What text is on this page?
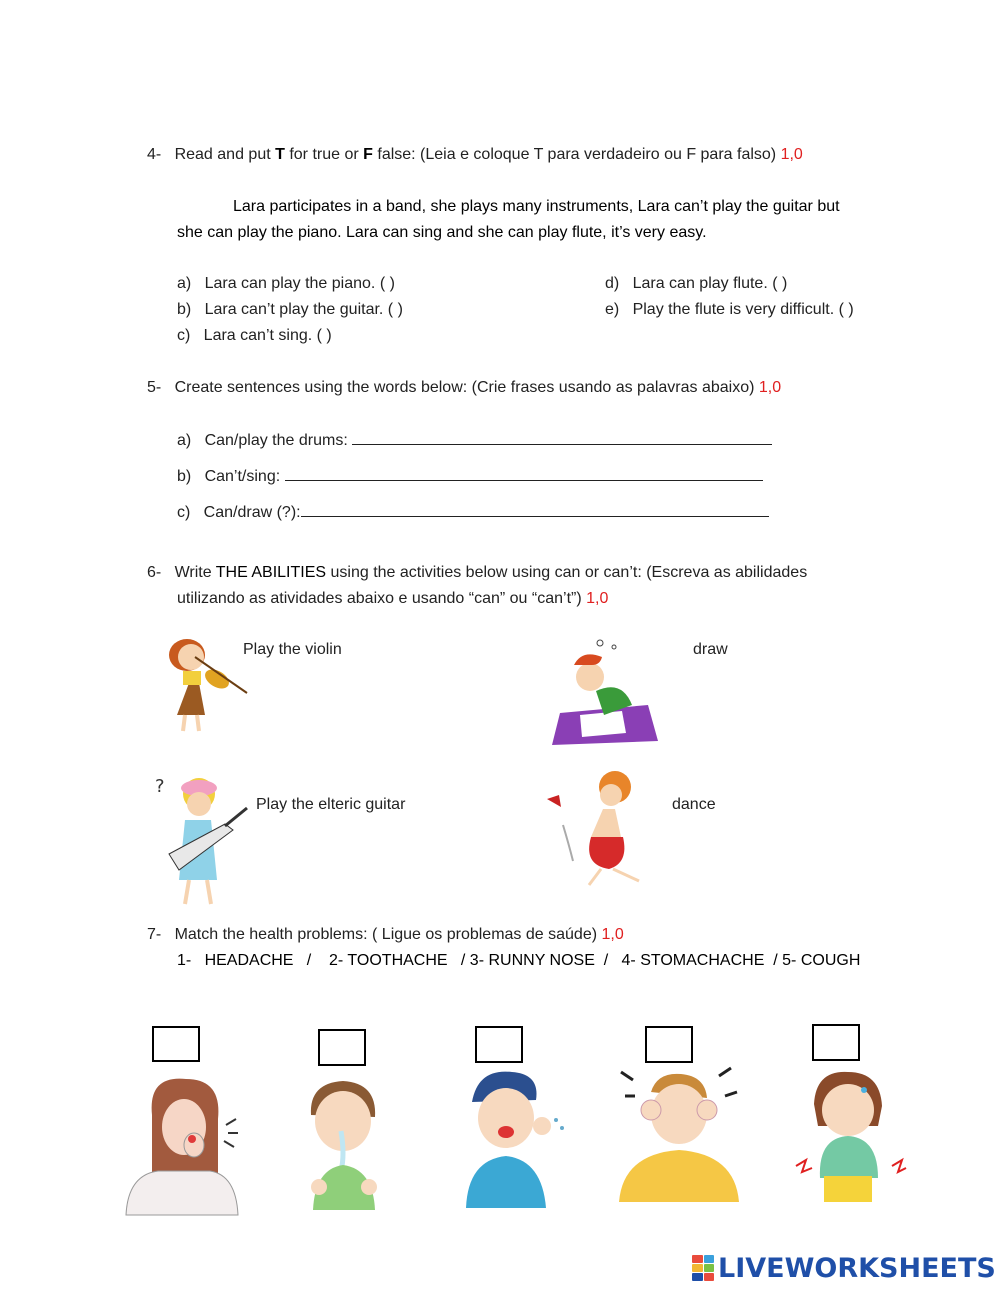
4- Read and put T for true or F false: (Leia e coloque T para verdadeiro ou F para falso) 1,0
Lara participates in a band, she plays many instruments, Lara can’t play the guitar but
she can play the piano. Lara can sing and she can play flute, it’s very easy.
a) Lara can play the piano. ( )
b) Lara can’t play the guitar. ( )
c) Lara can’t sing. ( )
d) Lara can play flute. ( )
e) Play the flute is very difficult. ( )
5- Create sentences using the words below: (Crie frases usando as palavras abaixo) 1,0
a) Can/play the drums:
b) Can’t/sing:
c) Can/draw (?):
6- Write THE ABILITIES using the activities below using can or can’t: (Escreva as abilidades
utilizando as atividades abaixo e usando “can” ou “can’t”) 1,0
Play the violin	draw
Play the elteric guitar	dance
?
7- Match the health problems: ( Ligue os problemas de saúde) 1,0
1-   HEADACHE   /    2- TOOTHACHE   / 3- RUNNY NOSE  /   4- STOMACHACHE  / 5- COUGH
LIVEWORKSHEETS
